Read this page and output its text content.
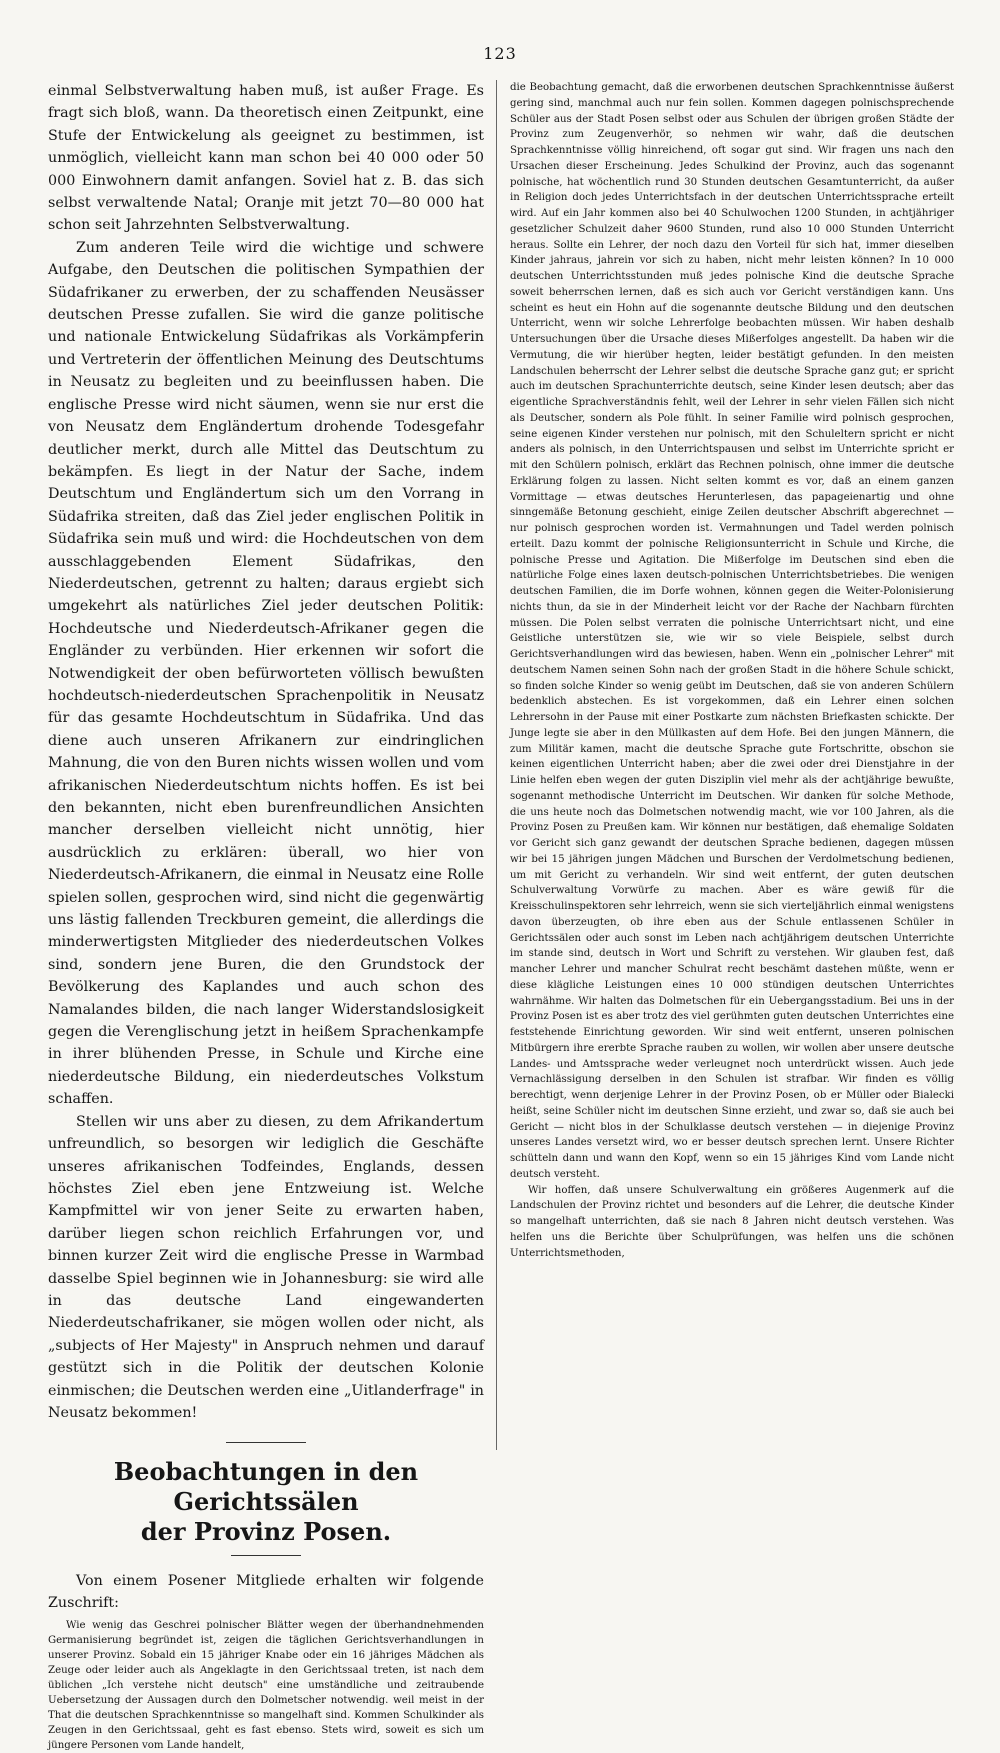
123

einmal Selbstverwaltung haben muß, ist außer Frage. Es fragt sich bloß, wann. Da theoretisch einen Zeitpunkt, eine Stufe der Entwickelung als geeignet zu bestimmen, ist unmöglich, vielleicht kann man schon bei 40 000 oder 50 000 Einwohnern damit anfangen. Soviel hat z. B. das sich selbst verwaltende Natal; Oranje mit jetzt 70—80 000 hat schon seit Jahrzehnten Selbstverwaltung.

Zum anderen Teile wird die wichtige und schwere Aufgabe, den Deutschen die politischen Sympathien der Südafrikaner zu erwerben, der zu schaffenden Neusässer deutschen Presse zufallen. Sie wird die ganze politische und nationale Entwickelung Südafrikas als Vorkämpferin und Vertreterin der öffentlichen Meinung des Deutschtums in Neusatz zu begleiten und zu beeinflussen haben. Die englische Presse wird nicht säumen, wenn sie nur erst die von Neusatz dem Engländertum drohende Todesgefahr deutlicher merkt, durch alle Mittel das Deutschtum zu bekämpfen. Es liegt in der Natur der Sache, indem Deutschtum und Engländertum sich um den Vorrang in Südafrika streiten, daß das Ziel jeder englischen Politik in Südafrika sein muß und wird: die Hochdeutschen von dem ausschlaggebenden Element Südafrikas, den Niederdeutschen, getrennt zu halten; daraus ergiebt sich umgekehrt als natürliches Ziel jeder deutschen Politik: Hochdeutsche und Niederdeutsch-Afrikaner gegen die Engländer zu verbünden. Hier erkennen wir sofort die Notwendigkeit der oben befürworteten völlisch bewußten hochdeutsch-niederdeutschen Sprachenpolitik in Neusatz für das gesamte Hochdeutschtum in Südafrika. Und das diene auch unseren Afrikanern zur eindringlichen Mahnung, die von den Buren nichts wissen wollen und vom afrikanischen Niederdeutschtum nichts hoffen. Es ist bei den bekannten, nicht eben burenfreundlichen Ansichten mancher derselben vielleicht nicht unnötig, hier ausdrücklich zu erklären: überall, wo hier von Niederdeutsch-Afrikanern, die einmal in Neusatz eine Rolle spielen sollen, gesprochen wird, sind nicht die gegenwärtig uns lästig fallenden Treckburen gemeint, die allerdings die minderwertigsten Mitglieder des niederdeutschen Volkes sind, sondern jene Buren, die den Grundstock der Bevölkerung des Kaplandes und auch schon des Namalandes bilden, die nach langer Widerstandslosigkeit gegen die Verenglischung jetzt in heißem Sprachenkampfe in ihrer blühenden Presse, in Schule und Kirche eine niederdeutsche Bildung, ein niederdeutsches Volkstum schaffen.

Stellen wir uns aber zu diesen, zu dem Afrikandertum unfreundlich, so besorgen wir lediglich die Geschäfte unseres afrikanischen Todfeindes, Englands, dessen höchstes Ziel eben jene Entzweiung ist. Welche Kampfmittel wir von jener Seite zu erwarten haben, darüber liegen schon reichlich Erfahrungen vor, und binnen kurzer Zeit wird die englische Presse in Warmbad dasselbe Spiel beginnen wie in Johannesburg: sie wird alle in das deutsche Land eingewanderten Niederdeutschafrikaner, sie mögen wollen oder nicht, als „subjects of Her Majesty" in Anspruch nehmen und darauf gestützt sich in die Politik der deutschen Kolonie einmischen; die Deutschen werden eine „Uitlanderfrage" in Neusatz bekommen!

Beobachtungen in den Gerichtssälen
der Provinz Posen.

Von einem Posener Mitgliede erhalten wir folgende Zuschrift:

Wie wenig das Geschrei polnischer Blätter wegen der überhandnehmenden Germanisierung begründet ist, zeigen die täglichen Gerichtsverhandlungen in unserer Provinz. Sobald ein 15 jähriger Knabe oder ein 16 jähriges Mädchen als Zeuge oder leider auch als Angeklagte in den Gerichtssaal treten, ist nach dem üblichen „Ich verstehe nicht deutsch" eine umständliche und zeitraubende Uebersetzung der Aussagen durch den Dolmetscher notwendig. weil meist in der That die deutschen Sprachkenntnisse so mangelhaft sind. Kommen Schulkinder als Zeugen in den Gerichtssaal, geht es fast ebenso. Stets wird, soweit es sich um jüngere Personen vom Lande handelt,

die Beobachtung gemacht, daß die erworbenen deutschen Sprachkenntnisse äußerst gering sind, manchmal auch nur fein sollen. Kommen dagegen polnischsprechende Schüler aus der Stadt Posen selbst oder aus Schulen der übrigen großen Städte der Provinz zum Zeugenverhör, so nehmen wir wahr, daß die deutschen Sprachkenntnisse völlig hinreichend, oft sogar gut sind. Wir fragen uns nach den Ursachen dieser Erscheinung. Jedes Schulkind der Provinz, auch das sogenannt polnische, hat wöchentlich rund 30 Stunden deutschen Gesamtunterricht, da außer in Religion doch jedes Unterrichtsfach in der deutschen Unterrichtssprache erteilt wird. Auf ein Jahr kommen also bei 40 Schulwochen 1200 Stunden, in achtjähriger gesetzlicher Schulzeit daher 9600 Stunden, rund also 10 000 Stunden Unterricht heraus. Sollte ein Lehrer, der noch dazu den Vorteil für sich hat, immer dieselben Kinder jahraus, jahrein vor sich zu haben, nicht mehr leisten können? In 10 000 deutschen Unterrichtsstunden muß jedes polnische Kind die deutsche Sprache soweit beherrschen lernen, daß es sich auch vor Gericht verständigen kann. Uns scheint es heut ein Hohn auf die sogenannte deutsche Bildung und den deutschen Unterricht, wenn wir solche Lehrerfolge beobachten müssen. Wir haben deshalb Untersuchungen über die Ursache dieses Mißerfolges angestellt. Da haben wir die Vermutung, die wir hierüber hegten, leider bestätigt gefunden. In den meisten Landschulen beherrscht der Lehrer selbst die deutsche Sprache ganz gut; er spricht auch im deutschen Sprachunterrichte deutsch, seine Kinder lesen deutsch; aber das eigentliche Sprachverständnis fehlt, weil der Lehrer in sehr vielen Fällen sich nicht als Deutscher, sondern als Pole fühlt. In seiner Familie wird polnisch gesprochen, seine eigenen Kinder verstehen nur polnisch, mit den Schuleltern spricht er nicht anders als polnisch, in den Unterrichtspausen und selbst im Unterrichte spricht er mit den Schülern polnisch, erklärt das Rechnen polnisch, ohne immer die deutsche Erklärung folgen zu lassen. Nicht selten kommt es vor, daß an einem ganzen Vormittage — etwas deutsches Herunterlesen, das papageienartig und ohne sinngemäße Betonung geschieht, einige Zeilen deutscher Abschrift abgerechnet — nur polnisch gesprochen worden ist. Vermahnungen und Tadel werden polnisch erteilt. Dazu kommt der polnische Religionsunterricht in Schule und Kirche, die polnische Presse und Agitation. Die Mißerfolge im Deutschen sind eben die natürliche Folge eines laxen deutsch-polnischen Unterrichtsbetriebes. Die wenigen deutschen Familien, die im Dorfe wohnen, können gegen die Weiter-Polonisierung nichts thun, da sie in der Minderheit leicht vor der Rache der Nachbarn fürchten müssen. Die Polen selbst verraten die polnische Unterrichtsart nicht, und eine Geistliche unterstützen sie, wie wir so viele Beispiele, selbst durch Gerichtsverhandlungen wird das bewiesen, haben. Wenn ein „polnischer Lehrer" mit deutschem Namen seinen Sohn nach der großen Stadt in die höhere Schule schickt, so finden solche Kinder so wenig geübt im Deutschen, daß sie von anderen Schülern bedenklich abstechen. Es ist vorgekommen, daß ein Lehrer einen solchen Lehrersohn in der Pause mit einer Postkarte zum nächsten Briefkasten schickte. Der Junge legte sie aber in den Müllkasten auf dem Hofe. Bei den jungen Männern, die zum Militär kamen, macht die deutsche Sprache gute Fortschritte, obschon sie keinen eigentlichen Unterricht haben; aber die zwei oder drei Dienstjahre in der Linie helfen eben wegen der guten Disziplin viel mehr als der achtjährige bewußte, sogenannt methodische Unterricht im Deutschen. Wir danken für solche Methode, die uns heute noch das Dolmetschen notwendig macht, wie vor 100 Jahren, als die Provinz Posen zu Preußen kam. Wir können nur bestätigen, daß ehemalige Soldaten vor Gericht sich ganz gewandt der deutschen Sprache bedienen, dagegen müssen wir bei 15 jährigen jungen Mädchen und Burschen der Verdolmetschung bedienen, um mit Gericht zu verhandeln. Wir sind weit entfernt, der guten deutschen Schulverwaltung Vorwürfe zu machen. Aber es wäre gewiß für die Kreisschulinspektoren sehr lehrreich, wenn sie sich vierteljährlich einmal wenigstens davon überzeugten, ob ihre eben aus der Schule entlassenen Schüler in Gerichtssälen oder auch sonst im Leben nach achtjährigem deutschen Unterrichte im stande sind, deutsch in Wort und Schrift zu verstehen. Wir glauben fest, daß mancher Lehrer und mancher Schulrat recht beschämt dastehen müßte, wenn er diese klägliche Leistungen eines 10 000 stündigen deutschen Unterrichtes wahrnähme. Wir halten das Dolmetschen für ein Uebergangsstadium. Bei uns in der Provinz Posen ist es aber trotz des viel gerühmten guten deutschen Unterrichtes eine feststehende Einrichtung geworden. Wir sind weit entfernt, unseren polnischen Mitbürgern ihre ererbte Sprache rauben zu wollen, wir wollen aber unsere deutsche Landes- und Amtssprache weder verleugnet noch unterdrückt wissen. Auch jede Vernachlässigung derselben in den Schulen ist strafbar. Wir finden es völlig berechtigt, wenn derjenige Lehrer in der Provinz Posen, ob er Müller oder Bialecki heißt, seine Schüler nicht im deutschen Sinne erzieht, und zwar so, daß sie auch bei Gericht — nicht blos in der Schulklasse deutsch verstehen — in diejenige Provinz unseres Landes versetzt wird, wo er besser deutsch sprechen lernt. Unsere Richter schütteln dann und wann den Kopf, wenn so ein 15 jähriges Kind vom Lande nicht deutsch versteht.

Wir hoffen, daß unsere Schulverwaltung ein größeres Augenmerk auf die Landschulen der Provinz richtet und besonders auf die Lehrer, die deutsche Kinder so mangelhaft unterrichten, daß sie nach 8 Jahren nicht deutsch verstehen. Was helfen uns die Berichte über Schulprüfungen, was helfen uns die schönen Unterrichtsmethoden,
